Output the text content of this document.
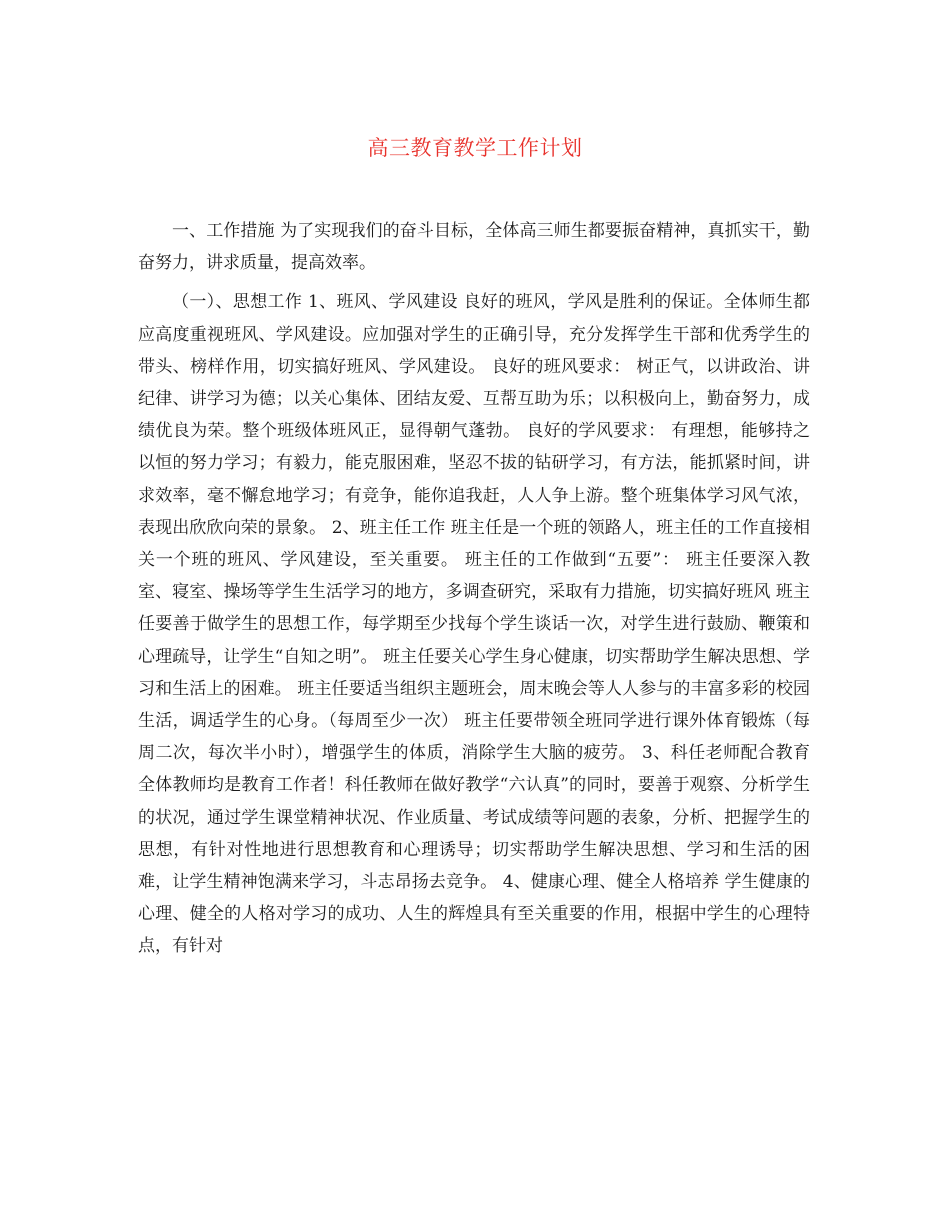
高三教育教学工作计划

一、工作措施 为了实现我们的奋斗目标，全体高三师生都要振奋精神，真抓实干，勤奋努力，讲求质量，提高效率。

（一）、思想工作 1、班风、学风建设 良好的班风，学风是胜利的保证。全体师生都应高度重视班风、学风建设。应加强对学生的正确引导，充分发挥学生干部和优秀学生的带头、榜样作用，切实搞好班风、学风建设。 良好的班风要求： 树正气，以讲政治、讲纪律、讲学习为德；以关心集体、团结友爱、互帮互助为乐；以积极向上，勤奋努力，成绩优良为荣。整个班级体班风正，显得朝气蓬勃。 良好的学风要求： 有理想，能够持之以恒的努力学习；有毅力，能克服困难，坚忍不拔的钻研学习，有方法，能抓紧时间，讲求效率，毫不懈怠地学习；有竞争，能你追我赶，人人争上游。整个班集体学习风气浓，表现出欣欣向荣的景象。 2、班主任工作 班主任是一个班的领路人，班主任的工作直接相关一个班的班风、学风建设，至关重要。 班主任的工作做到“五要”： 班主任要深入教室、寝室、操场等学生生活学习的地方，多调查研究，采取有力措施，切实搞好班风 班主任要善于做学生的思想工作，每学期至少找每个学生谈话一次，对学生进行鼓励、鞭策和心理疏导，让学生“自知之明”。 班主任要关心学生身心健康，切实帮助学生解决思想、学习和生活上的困难。 班主任要适当组织主题班会，周末晚会等人人参与的丰富多彩的校园生活，调适学生的心身。（每周至少一次） 班主任要带领全班同学进行课外体育锻炼（每周二次，每次半小时），增强学生的体质，消除学生大脑的疲劳。 3、科任老师配合教育 全体教师均是教育工作者！科任教师在做好教学“六认真”的同时，要善于观察、分析学生的状况，通过学生课堂精神状况、作业质量、考试成绩等问题的表象，分析、把握学生的思想，有针对性地进行思想教育和心理诱导；切实帮助学生解决思想、学习和生活的困难，让学生精神饱满来学习，斗志昂扬去竞争。 4、健康心理、健全人格培养 学生健康的心理、健全的人格对学习的成功、人生的辉煌具有至关重要的作用，根据中学生的心理特点，有针对
